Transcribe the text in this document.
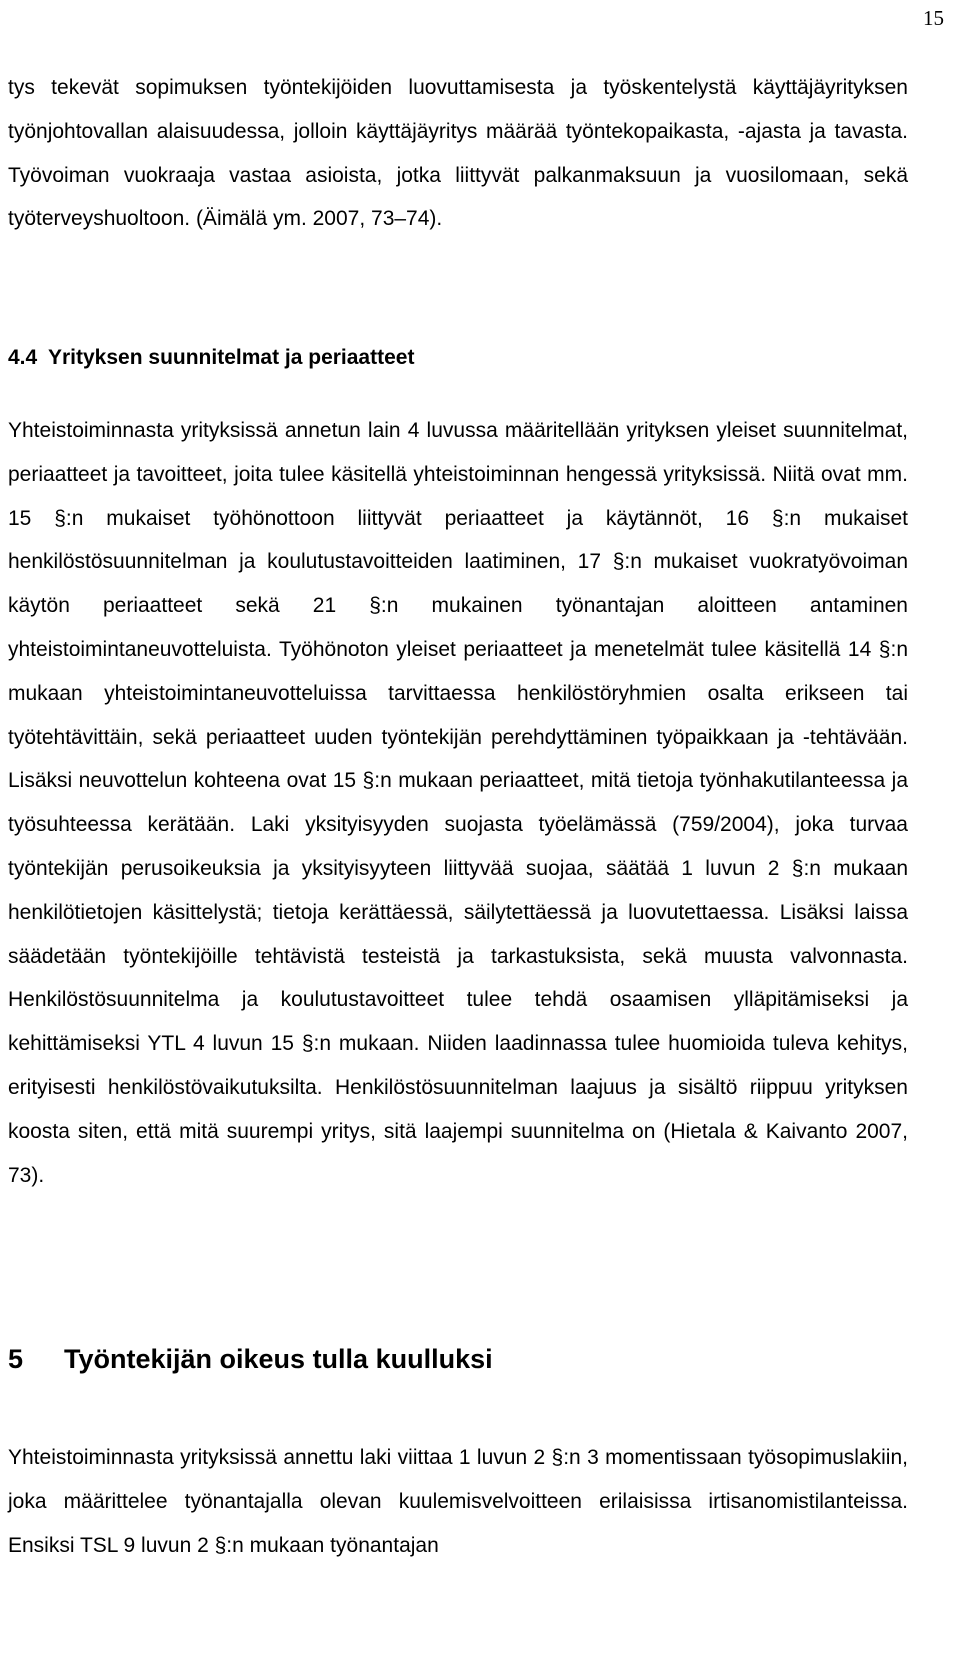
15

tys tekevät sopimuksen työntekijöiden luovuttamisesta ja työskentelystä käyttäjäyrityksen työnjohtovallan alaisuudessa, jolloin käyttäjäyritys määrää työntekopaikasta, -ajasta ja tavasta. Työvoiman vuokraaja vastaa asioista, jotka liittyvät palkanmaksuun ja vuosilomaan, sekä työterveyshuoltoon. (Äimälä ym. 2007, 73–74).

4.4 Yrityksen suunnitelmat ja periaatteet

Yhteistoiminnasta yrityksissä annetun lain 4 luvussa määritellään yrityksen yleiset suunnitelmat, periaatteet ja tavoitteet, joita tulee käsitellä yhteistoiminnan hengessä yrityksissä. Niitä ovat mm. 15 §:n mukaiset työhönottoon liittyvät periaatteet ja käytännöt, 16 §:n mukaiset henkilöstösuunnitelman ja koulutustavoitteiden laatiminen, 17 §:n mukaiset vuokratyövoiman käytön periaatteet sekä 21 §:n mukainen työnantajan aloitteen antaminen yhteistoimintaneuvotteluista. Työhönoton yleiset periaatteet ja menetelmät tulee käsitellä 14 §:n mukaan yhteistoimintaneuvotteluissa tarvittaessa henkilöstöryhmien osalta erikseen tai työtehtävittäin, sekä periaatteet uuden työntekijän perehdyttäminen työpaikkaan ja -tehtävään. Lisäksi neuvottelun kohteena ovat 15 §:n mukaan periaatteet, mitä tietoja työnhakutilanteessa ja työsuhteessa kerätään. Laki yksityisyyden suojasta työelämässä (759/2004), joka turvaa työntekijän perusoikeuksia ja yksityisyyteen liittyvää suojaa, säätää 1 luvun 2 §:n mukaan henkilötietojen käsittelystä; tietoja kerättäessä, säilytettäessä ja luovutettaessa. Lisäksi laissa säädetään työntekijöille tehtävistä testeistä ja tarkastuksista, sekä muusta valvonnasta. Henkilöstösuunnitelma ja koulutustavoitteet tulee tehdä osaamisen ylläpitämiseksi ja kehittämiseksi YTL 4 luvun 15 §:n mukaan. Niiden laadinnassa tulee huomioida tuleva kehitys, erityisesti henkilöstövaikutuksilta. Henkilöstösuunnitelman laajuus ja sisältö riippuu yrityksen koosta siten, että mitä suurempi yritys, sitä laajempi suunnitelma on (Hietala & Kaivanto 2007, 73).

5 Työntekijän oikeus tulla kuulluksi

Yhteistoiminnasta yrityksissä annettu laki viittaa 1 luvun 2 §:n 3 momentissaan työsopimuslakiin, joka määrittelee työnantajalla olevan kuulemisvelvoitteen erilaisissa irtisanomistilanteissa. Ensiksi TSL 9 luvun 2 §:n mukaan työnantajan
